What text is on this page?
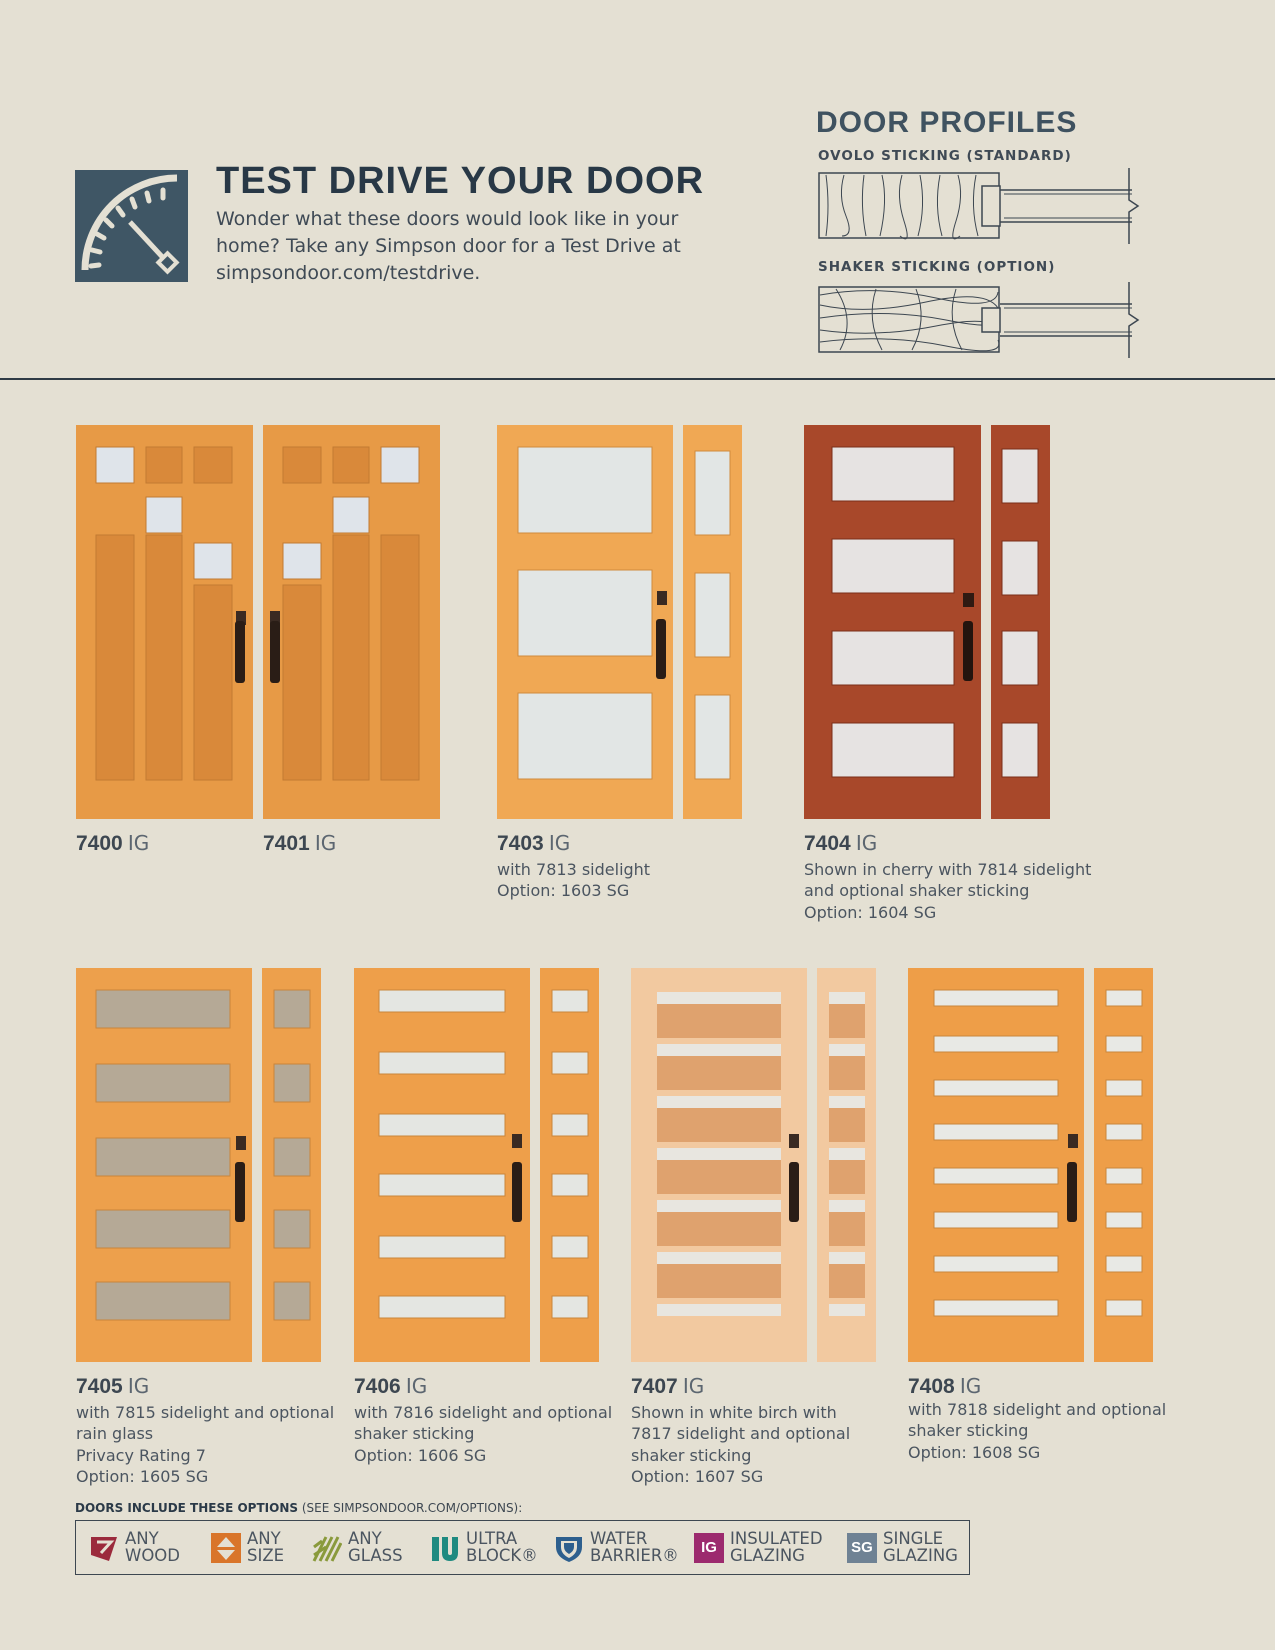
TEST DRIVE YOUR DOOR
Wonder what these doors would look like in your home? Take any Simpson door for a Test Drive at simpsondoor.com/testdrive.
DOOR PROFILES
OVOLO STICKING (STANDARD)
SHAKER STICKING (OPTION)
7400 IG	7401 IG	7403 IG
with 7813 sidelight
Option: 1603 SG
7404 IG
Shown in cherry with 7814 sidelight
and optional shaker sticking
Option: 1604 SG
7405 IG
with 7815 sidelight and optional
rain glass
Privacy Rating 7
Option: 1605 SG
7406 IG
with 7816 sidelight and optional
shaker sticking
Option: 1606 SG
7407 IG
Shown in white birch with
7817 sidelight and optional
shaker sticking
Option: 1607 SG
7408 IG
with 7818 sidelight and optional
shaker sticking
Option: 1608 SG
DOORS INCLUDE THESE OPTIONS (SEE SIMPSONDOOR.COM/OPTIONS):
ANY
WOOD
ANY
SIZE
ANY
GLASS
ULTRA
BLOCK®
WATER
BARRIER®	IG INSULATED
GLAZING	SG SINGLE
GLAZING
